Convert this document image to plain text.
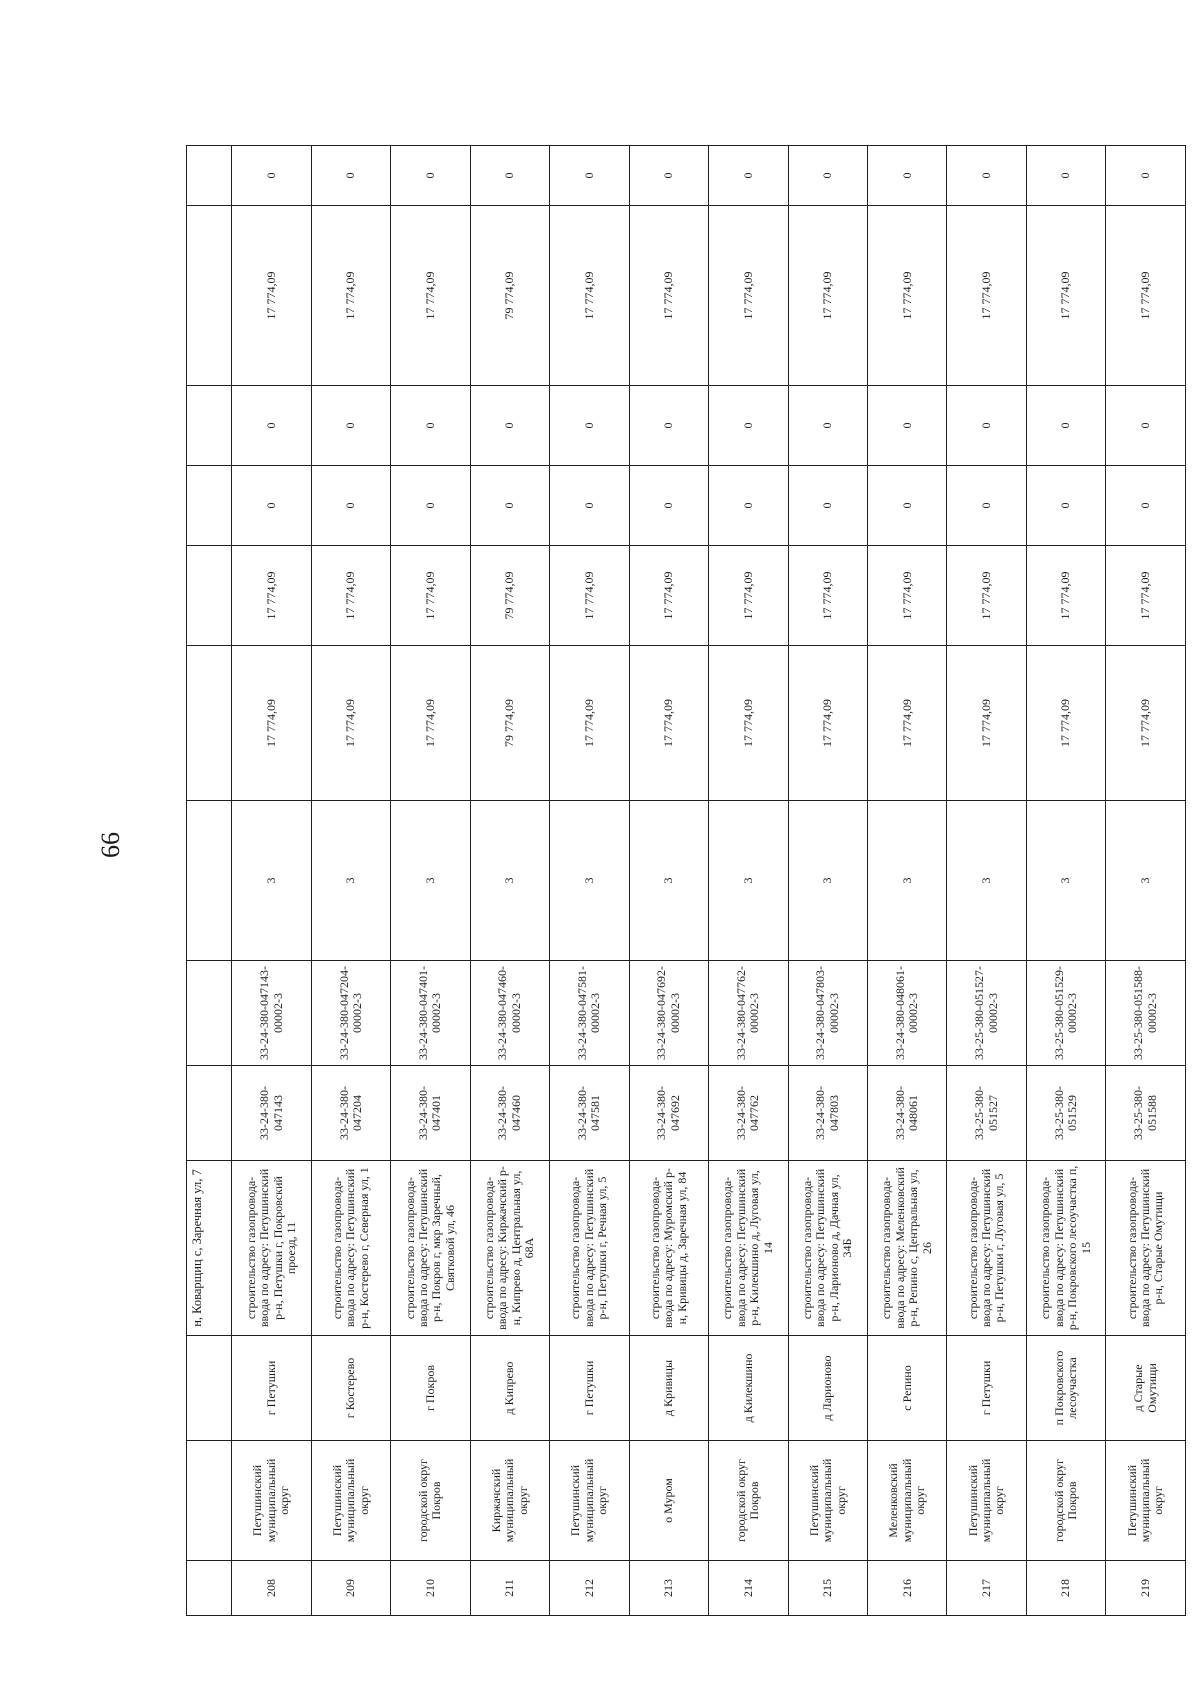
66
			н, Коварщиц с, Заречная ул, 7									
208	Петушинский муниципальный округ	г Петушки	строительство газопровода-ввода по адресу: Петушинский р-н, Петушки г, Покровский проезд, 11	33-24-380-047143	33-24-380-047143-00002-3	3	17 774,09	17 774,09	0	0	17 774,09	0
209	Петушинский муниципальный округ	г Костерево	строительство газопровода-ввода по адресу: Петушинский р-н, Костерево г, Северная ул, 1	33-24-380-047204	33-24-380-047204-00002-3	3	17 774,09	17 774,09	0	0	17 774,09	0
210	городской округ Покров	г Покров	строительство газопровода-ввода по адресу: Петушинский р-н, Покров г, мкр Заречный, Святковой ул, 46	33-24-380-047401	33-24-380-047401-00002-3	3	17 774,09	17 774,09	0	0	17 774,09	0
211	Киржачский муниципальный округ	д Кипрево	строительство газопровода-ввода по адресу: Киржачский р-н, Кипрево д, Центральная ул, 68А	33-24-380-047460	33-24-380-047460-00002-3	3	79 774,09	79 774,09	0	0	79 774,09	0
212	Петушинский муниципальный округ	г Петушки	строительство газопровода-ввода по адресу: Петушинский р-н, Петушки г, Речная ул, 5	33-24-380-047581	33-24-380-047581-00002-3	3	17 774,09	17 774,09	0	0	17 774,09	0
213	о Муром	д Кривицы	строительство газопровода-ввода по адресу: Муромский р-н, Кривицы д, Заречная ул, 84	33-24-380-047692	33-24-380-047692-00002-3	3	17 774,09	17 774,09	0	0	17 774,09	0
214	городской округ Покров	д Килекшино	строительство газопровода-ввода по адресу: Петушинский р-н, Килекшино д, Луговая ул, 14	33-24-380-047762	33-24-380-047762-00002-3	3	17 774,09	17 774,09	0	0	17 774,09	0
215	Петушинский муниципальный округ	д Ларионово	строительство газопровода-ввода по адресу: Петушинский р-н, Ларионово д, Дачная ул, 34Б	33-24-380-047803	33-24-380-047803-00002-3	3	17 774,09	17 774,09	0	0	17 774,09	0
216	Меленковский муниципальный округ	с Репино	строительство газопровода-ввода по адресу: Меленковский р-н, Репино с, Центральная ул, 26	33-24-380-048061	33-24-380-048061-00002-3	3	17 774,09	17 774,09	0	0	17 774,09	0
217	Петушинский муниципальный округ	г Петушки	строительство газопровода-ввода по адресу: Петушинский р-н, Петушки г, Луговая ул, 5	33-25-380-051527	33-25-380-051527-00002-3	3	17 774,09	17 774,09	0	0	17 774,09	0
218	городской округ Покров	п Покровского лесоучастка	строительство газопровода-ввода по адресу: Петушинский р-н, Покровского лесоучастка п, 15	33-25-380-051529	33-25-380-051529-00002-3	3	17 774,09	17 774,09	0	0	17 774,09	0
219	Петушинский муниципальный округ	д Старые Омутищи	строительство газопровода-ввода по адресу: Петушинский р-н, Старые Омутищи	33-25-380-051588	33-25-380-051588-00002-3	3	17 774,09	17 774,09	0	0	17 774,09	0
